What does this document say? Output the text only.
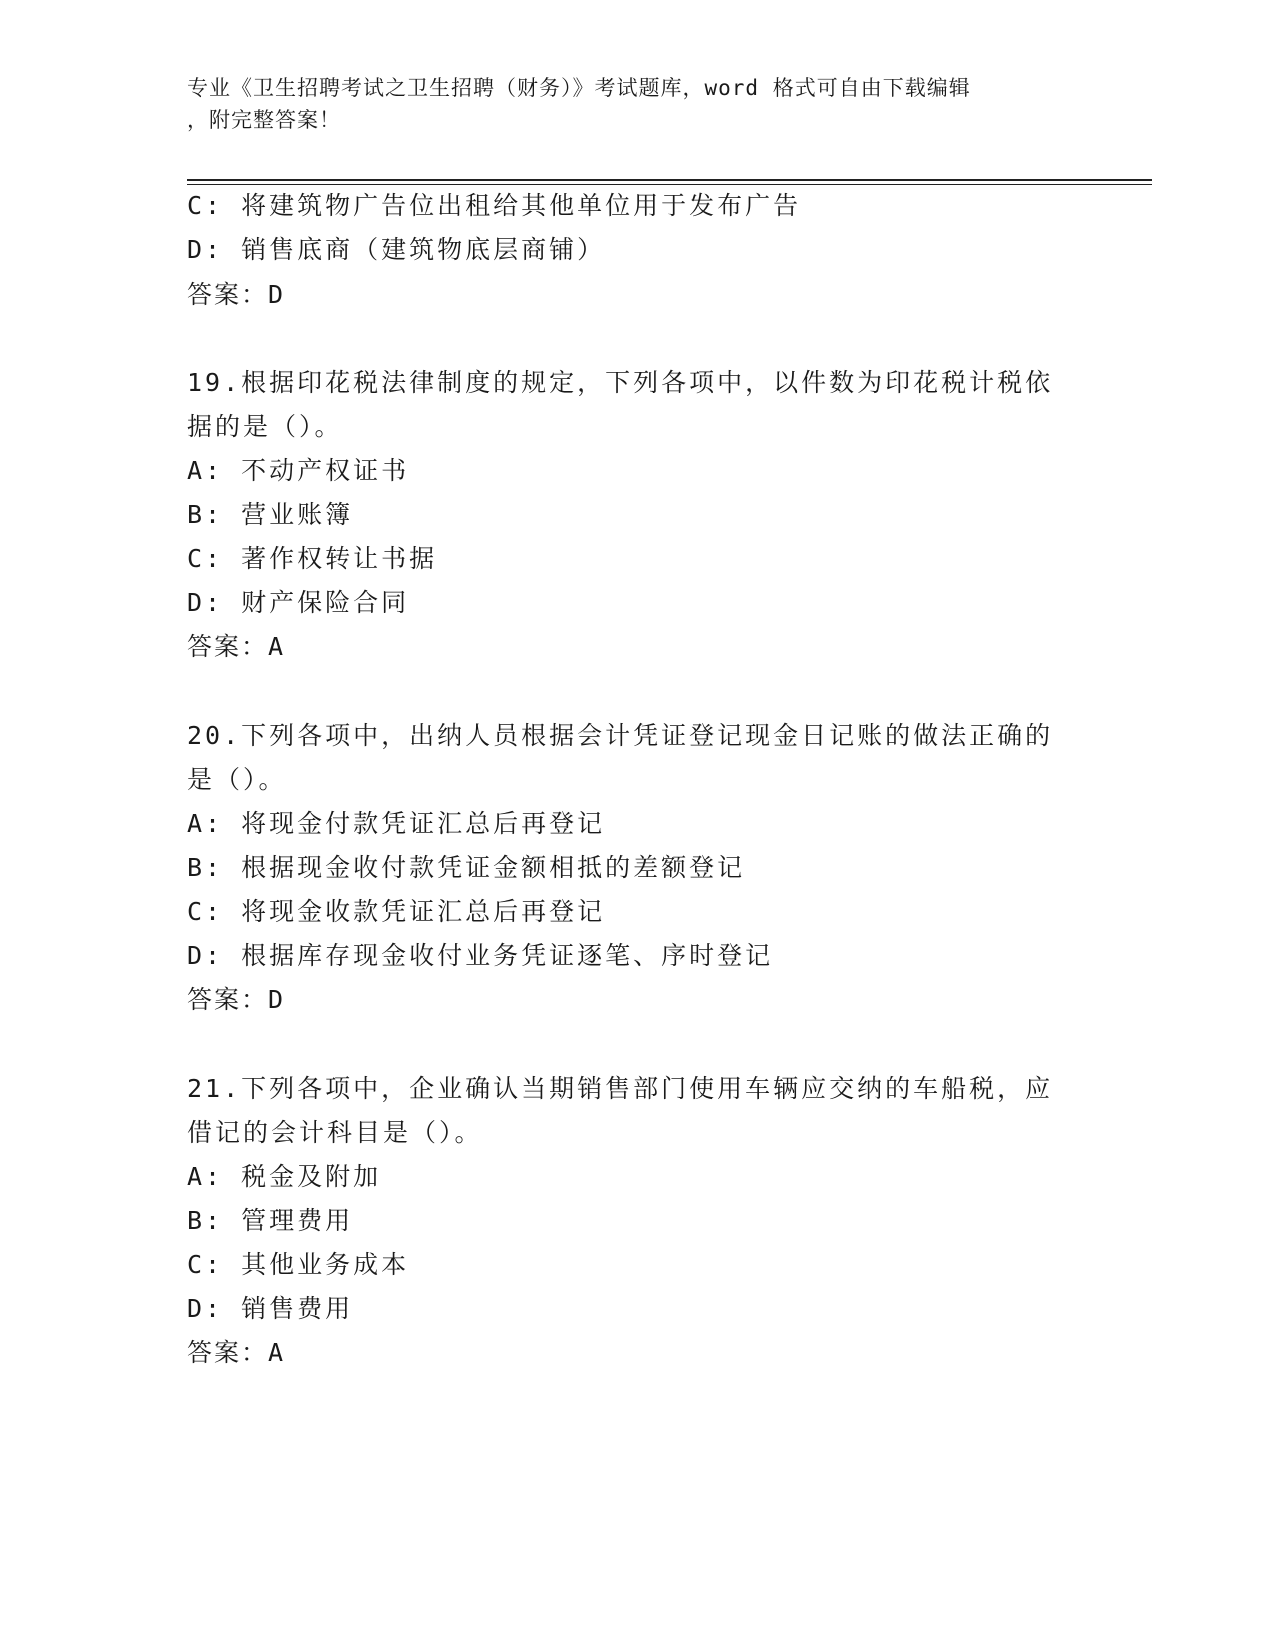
专业《卫生招聘考试之卫生招聘（财务）》考试题库，word 格式可自由下载编辑
，附完整答案！
C: 将建筑物广告位出租给其他单位用于发布广告
D: 销售底商（建筑物底层商铺）
答案：D
19.根据印花税法律制度的规定，下列各项中，以件数为印花税计税依
据的是（）。
A: 不动产权证书
B: 营业账簿
C: 著作权转让书据
D: 财产保险合同
答案：A
20.下列各项中，出纳人员根据会计凭证登记现金日记账的做法正确的
是（）。
A: 将现金付款凭证汇总后再登记
B: 根据现金收付款凭证金额相抵的差额登记
C: 将现金收款凭证汇总后再登记
D: 根据库存现金收付业务凭证逐笔、序时登记
答案：D
21.下列各项中，企业确认当期销售部门使用车辆应交纳的车船税，应
借记的会计科目是（）。
A: 税金及附加
B: 管理费用
C: 其他业务成本
D: 销售费用
答案：A
